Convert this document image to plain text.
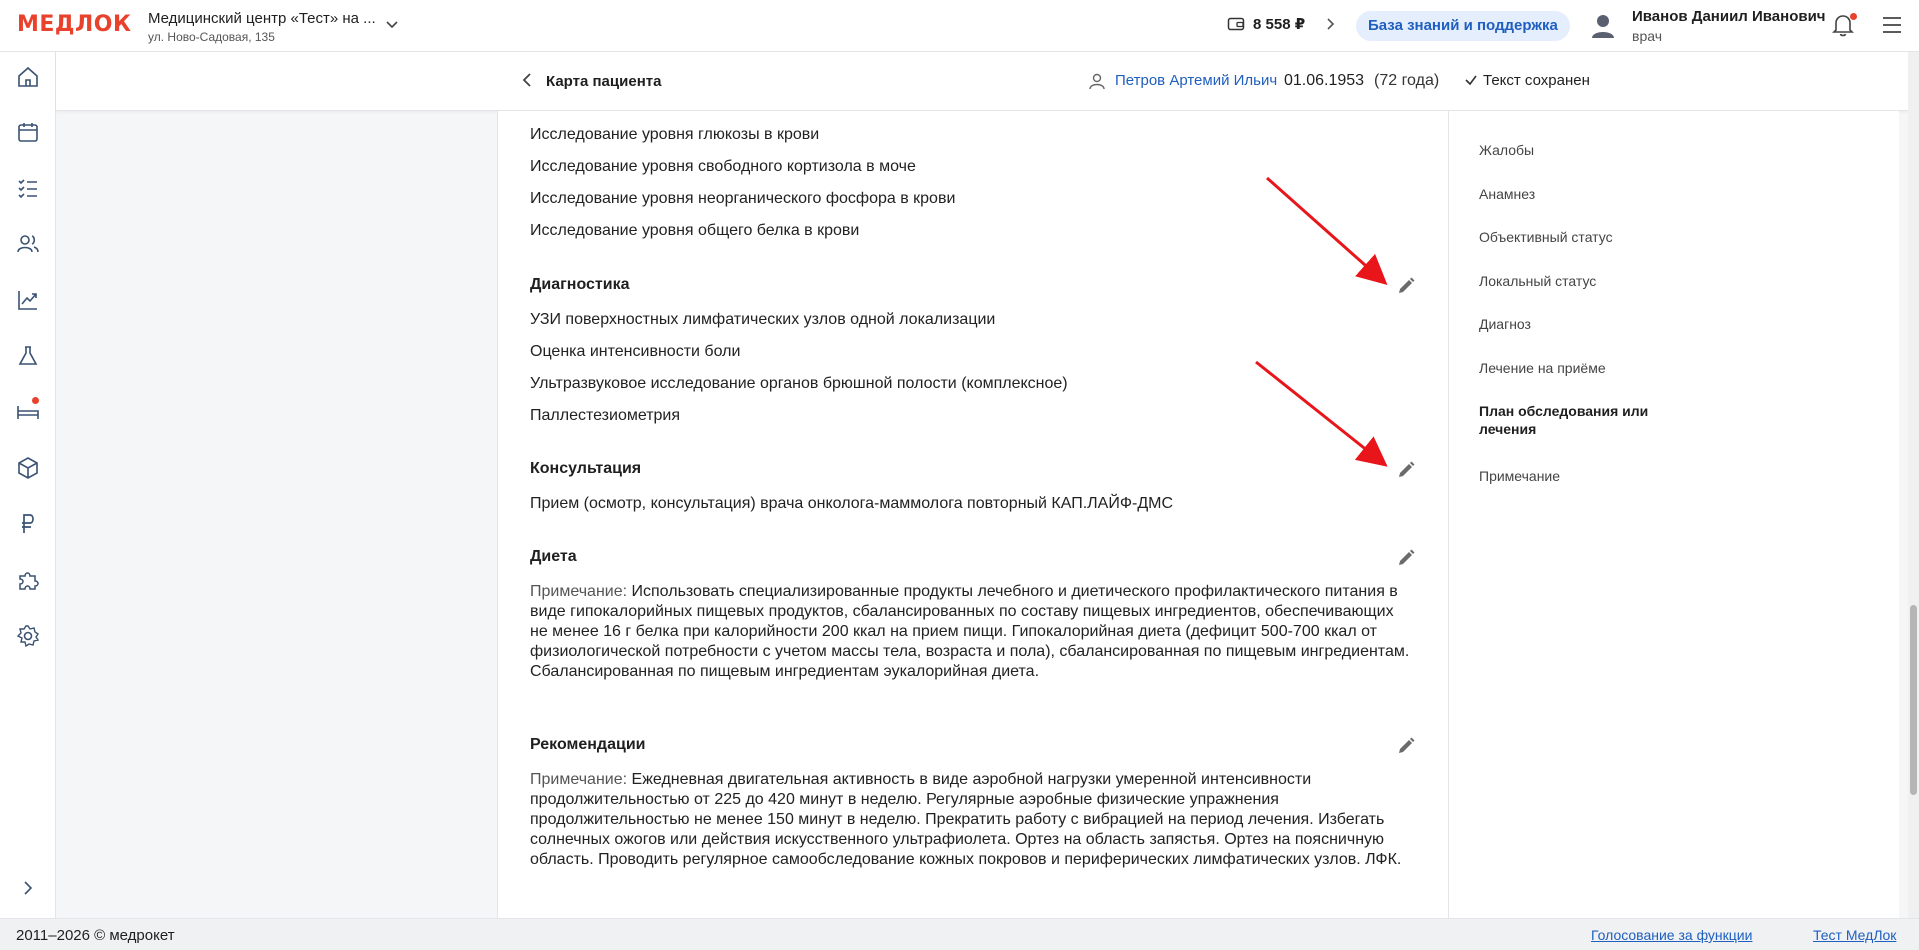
МЕДЛОК Медицинский центр «Тест» на ...
ул. Ново-Садовая, 135
8 558 ₽	База знаний и поддержка
Иванов Даниил Иванович
врач
Карта пациента	Петров Артемий Ильич 01.06.1953 (72 года)	Текст сохранен
Исследование уровня глюкозы в крови
Исследование уровня свободного кортизола в моче
Исследование уровня неорганического фосфора в крови
Исследование уровня общего белка в крови
Диагностика
УЗИ поверхностных лимфатических узлов одной локализации
Оценка интенсивности боли
Ультразвуковое исследование органов брюшной полости (комплексное)
Паллестезиометрия
Консультация
Прием (осмотр, консультация) врача онколога-маммолога повторный КАП.ЛАЙФ-ДМС
Диета
Примечание: Использовать специализированные продукты лечебного и диетического профилактического питания в виде гипокалорийных пищевых продуктов, сбалансированных по составу пищевых ингредиентов, обеспечивающих не менее 16 г белка при калорийности 200 ккал на прием пищи. Гипокалорийная диета (дефицит 500-700 ккал от физиологической потребности с учетом массы тела, возраста и пола), сбалансированная по пищевым ингредиентам. Сбалансированная по пищевым ингредиентам эукалорийная диета.
Рекомендации
Примечание: Ежедневная двигательная активность в виде аэробной нагрузки умеренной интенсивности продолжительностью от 225 до 420 минут в неделю. Регулярные аэробные физические упражнения продолжительностью не менее 150 минут в неделю. Прекратить работу с вибрацией на период лечения. Избегать солнечных ожогов или действия искусственного ультрафиолета. Ортез на область запястья. Ортез на поясничную область. Проводить регулярное самообследование кожных покровов и периферических лимфатических узлов. ЛФК.
Жалобы
Анамнез
Объективный статус
Локальный статус
Диагноз
Лечение на приёме
План обследования или лечения
Примечание
2011–2026 © медрокет	Голосование за функции	Тест МедЛок
